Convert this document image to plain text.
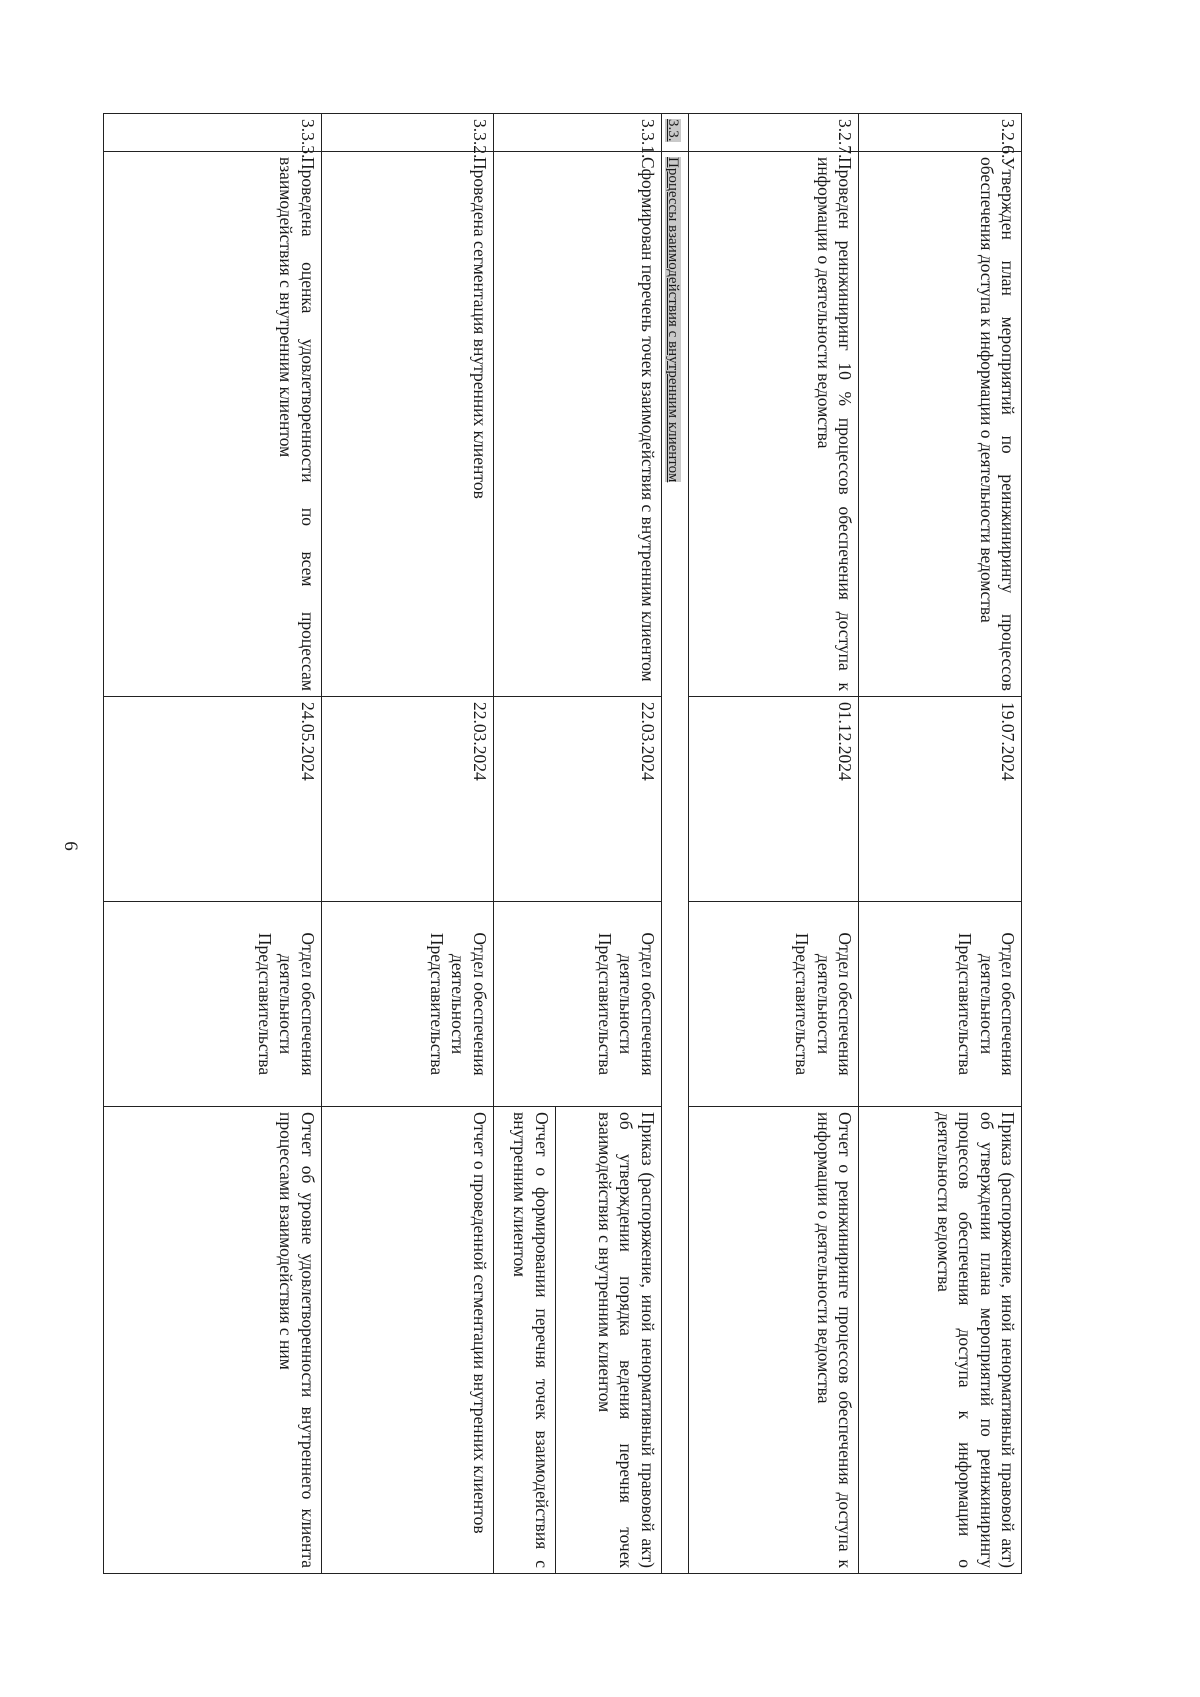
6
3.2.6.	Утвержден план мероприятий по реинжинирингу процессов обеспечения доступа к информации о деятельности ведомства	19.07.2024	Отдел обеспечения деятельности Представительства	Приказ (распоряжение, иной ненормативный правовой акт) об утверждении плана мероприятий по реинжинирингу процессов обеспечения доступа к информации о деятельности ведомства
3.2.7.	Проведен реинжиниринг 10 % процессов обеспечения доступа к информации о деятельности ведомства	01.12.2024	Отдел обеспечения деятельности Представительства	Отчет о реинжиниринге процессов обеспечения доступа к информации о деятельности ведомства
3.3.	Процессы взаимодействия с внутренним клиентом			
3.3.1.	Сформирован перечень точек взаимодействия с внутренним клиентом	22.03.2024	Отдел обеспечения деятельности Представительства	Приказ (распоряжение, иной ненормативный правовой акт) об утверждении порядка ведения перечня точек взаимодействия с внутренним клиентом
				Отчет о формировании перечня точек взаимодействия с внутренним клиентом
3.3.2.	Проведена сегментация внутренних клиентов	22.03.2024	Отдел обеспечения деятельности Представительства	Отчет о проведенной сегментации внутренних клиентов
3.3.3.	Проведена оценка удовлетворенности по всем процессам взаимодействия с внутренним клиентом	24.05.2024	Отдел обеспечения деятельности Представительства	Отчет об уровне удовлетворенности внутреннего клиента процессами взаимодействия с ним
